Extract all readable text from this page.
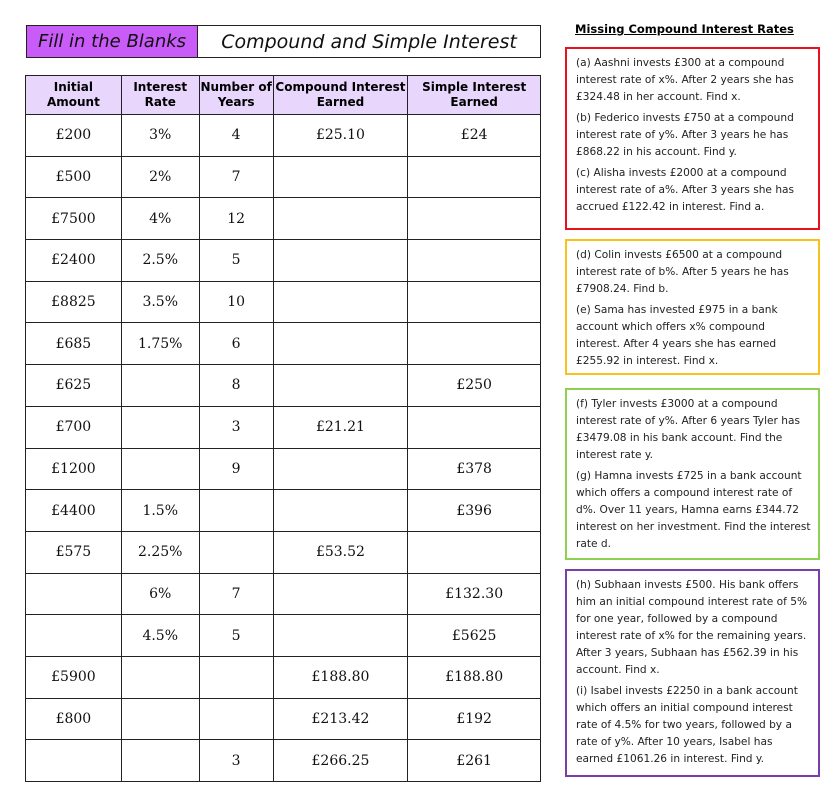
Fill in the Blanks	Compound and Simple Interest
Initial Amount	Interest Rate	Number of Years	Compound Interest Earned	Simple Interest Earned
£200	3%	4	£25.10	£24
£500	2%	7		
£7500	4%	12		
£2400	2.5%	5		
£8825	3.5%	10		
£685	1.75%	6		
£625		8		£250
£700		3	£21.21	
£1200		9		£378
£4400	1.5%			£396
£575	2.25%		£53.52	
	6%	7		£132.30
	4.5%	5		£5625
£5900			£188.80	£188.80
£800			£213.42	£192
		3	£266.25	£261
Missing Compound Interest Rates

(a) Aashni invests £300 at a compound interest rate of x%. After 2 years she has £324.48 in her account. Find x.

(b) Federico invests £750 at a compound interest rate of y%. After 3 years he has £868.22 in his account. Find y.

(c) Alisha invests £2000 at a compound interest rate of a%. After 3 years she has accrued £122.42 in interest. Find a.

(d) Colin invests £6500 at a compound interest rate of b%. After 5 years he has £7908.24. Find b.

(e) Sama has invested £975 in a bank account which offers x% compound interest. After 4 years she has earned £255.92 in interest. Find x.

(f) Tyler invests £3000 at a compound interest rate of y%. After 6 years Tyler has £3479.08 in his bank account. Find the interest rate y.

(g) Hamna invests £725 in a bank account which offers a compound interest rate of d%. Over 11 years, Hamna earns £344.72 interest on her investment. Find the interest rate d.

(h) Subhaan invests £500. His bank offers him an initial compound interest rate of 5% for one year, followed by a compound interest rate of x% for the remaining years. After 3 years, Subhaan has £562.39 in his account. Find x.

(i) Isabel invests £2250 in a bank account which offers an initial compound interest rate of 4.5% for two years, followed by a rate of y%. After 10 years, Isabel has earned £1061.26 in interest. Find y.
